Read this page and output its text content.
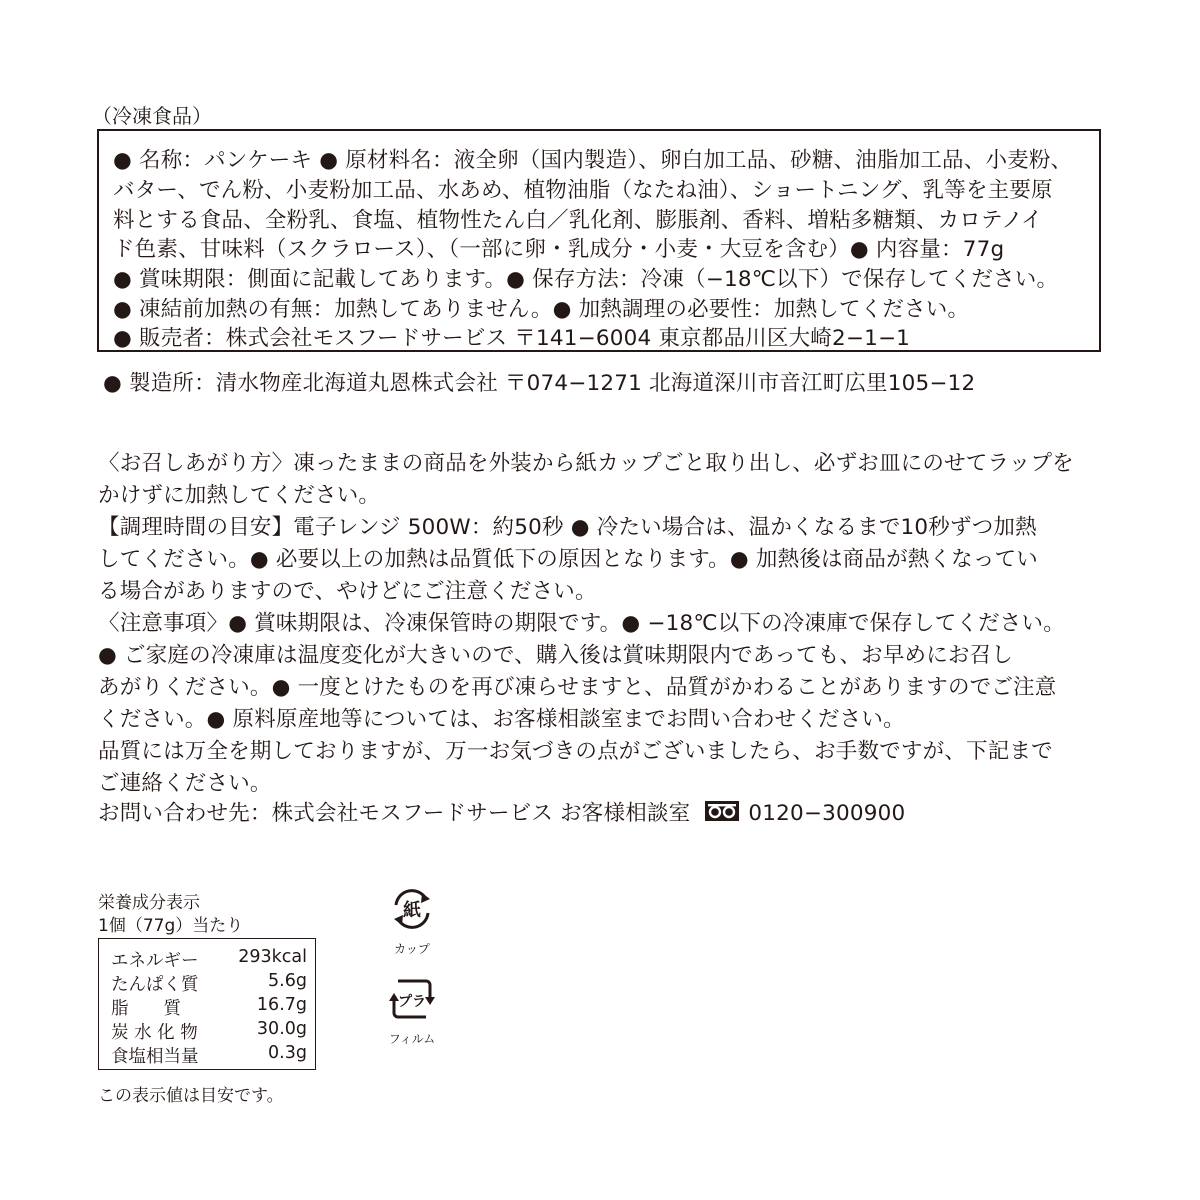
（冷凍食品）
● 名称：パンケーキ ● 原材料名：液全卵（国内製造）、卵白加工品、砂糖、油脂加工品、小麦粉、
バター、でん粉、小麦粉加工品、水あめ、植物油脂（なたね油）、ショートニング、乳等を主要原
料とする食品、全粉乳、食塩、植物性たん白／乳化剤、膨脹剤、香料、増粘多糖類、カロテノイ
ド色素、甘味料（スクラロース）、（一部に卵・乳成分・小麦・大豆を含む）● 内容量：77g
● 賞味期限：側面に記載してあります。● 保存方法：冷凍（−18℃以下）で保存してください。
● 凍結前加熱の有無：加熱してありません。● 加熱調理の必要性：加熱してください。
● 販売者：株式会社モスフードサービス 〒141−6004 東京都品川区大崎2−1−1
● 製造所：清水物産北海道丸恩株式会社 〒074−1271 北海道深川市音江町広里105−12
〈お召しあがり方〉凍ったままの商品を外装から紙カップごと取り出し、必ずお皿にのせてラップを
かけずに加熱してください。
【調理時間の目安】電子レンジ 500W：約50秒 ● 冷たい場合は、温かくなるまで10秒ずつ加熱
してください。● 必要以上の加熱は品質低下の原因となります。● 加熱後は商品が熱くなってい
る場合がありますので、やけどにご注意ください。
〈注意事項〉● 賞味期限は、冷凍保管時の期限です。● −18℃以下の冷凍庫で保存してください。
● ご家庭の冷凍庫は温度変化が大きいので、購入後は賞味期限内であっても、お早めにお召し
あがりください。● 一度とけたものを再び凍らせますと、品質がかわることがありますのでご注意
ください。● 原料原産地等については、お客様相談室までお問い合わせください。
品質には万全を期しておりますが、万一お気づきの点がございましたら、お手数ですが、下記まで
ご連絡ください。
お問い合わせ先：株式会社モスフードサービス お客様相談室	0120−300900
栄養成分表示
1個（77g）当たり
エネルギー 293kcal
たんぱく質	5.6g
脂　　質	16.7g
炭 水 化 物	30.0g
食塩相当量	0.3g
この表示値は目安です。
紙
カップ
プラ
フィルム
